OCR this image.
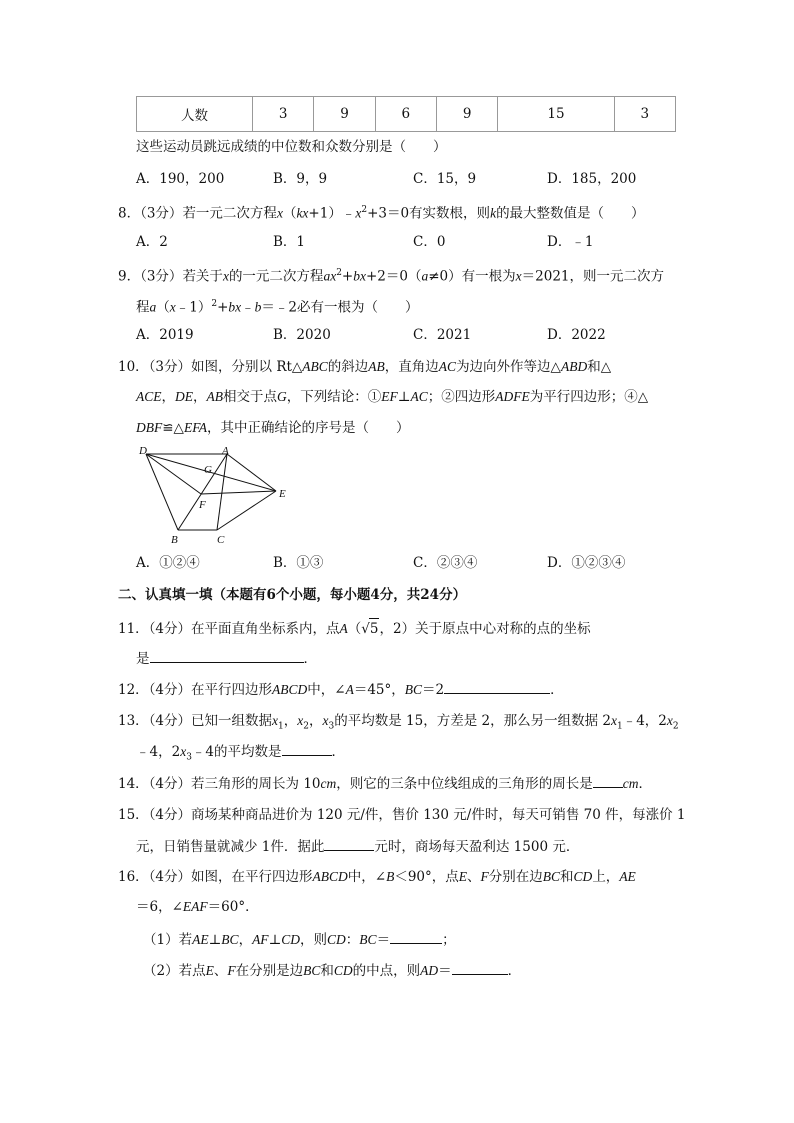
人数	3	9	6	9	15	3
这些运动员跳远成绩的中位数和众数分别是（　　）
A．190，200	B．9，9	C．15，9	D．185，200
8．（3分）若一元二次方程$x(kx+1)﹣x^2+3=0$有实数根，则k的最大整数值是（　　）
A．2	B．1	C．0	D．﹣1
9．（3分）若关于x的一元二次方程$ax^2+bx+2=0(a\ne 0)$有一根为x＝2021，则一元二次方
程a（x﹣1）$^2$+bx﹣b＝﹣2必有一根为（　　）
A．2019	B．2020	C．2021	D．2022
10．（3分）如图，分别以 Rt△ABC的斜边AB，直角边AC为边向外作等边△ABD和△
ACE，DE，AB相交于点G，下列结论：①EF⊥AC；②四边形ADFE为平行四边形；④△
DBF≌△EFA，其中正确结论的序号是（　　）
D
G
A
E
F
B	C
A．①②④	B．①③	C．②③④	D．①②③④
二、认真填一填（本题有6个小题，每小题4分，共24分）
11．（4分）在平面直角坐标系内，点A（√5，2）关于原点中心对称的点的坐标
是	．
12．（4分）在平行四边形ABCD中，∠A＝45°，BC＝2	．
13．（4分）已知一组数据$x_1$，$x_2$，$x_3$的平均数是 15，方差是 2，那么另一组数据 $2x_1﹣4$，$2x_2$
﹣4，$2x_3﹣4$的平均数是	．
14．（4分）若三角形的周长为 10cm，则它的三条中位线组成的三角形的周长是 cm．
15．（4分）商场某种商品进价为 120 元/件，售价 130 元/件时，每天可销售 70 件，每涨价 1
元，日销售量就减少 1件．据此	元时，商场每天盈利达 1500 元．
16．（4分）如图，在平行四边形ABCD中，∠B＜90°，点E、F分别在边BC和CD上，AE
＝6，∠EAF＝60°．
（1）若AE⊥BC，AF⊥CD，则CD：BC＝	；
（2）若点E、F在分别是边BC和CD的中点，则AD＝	．
